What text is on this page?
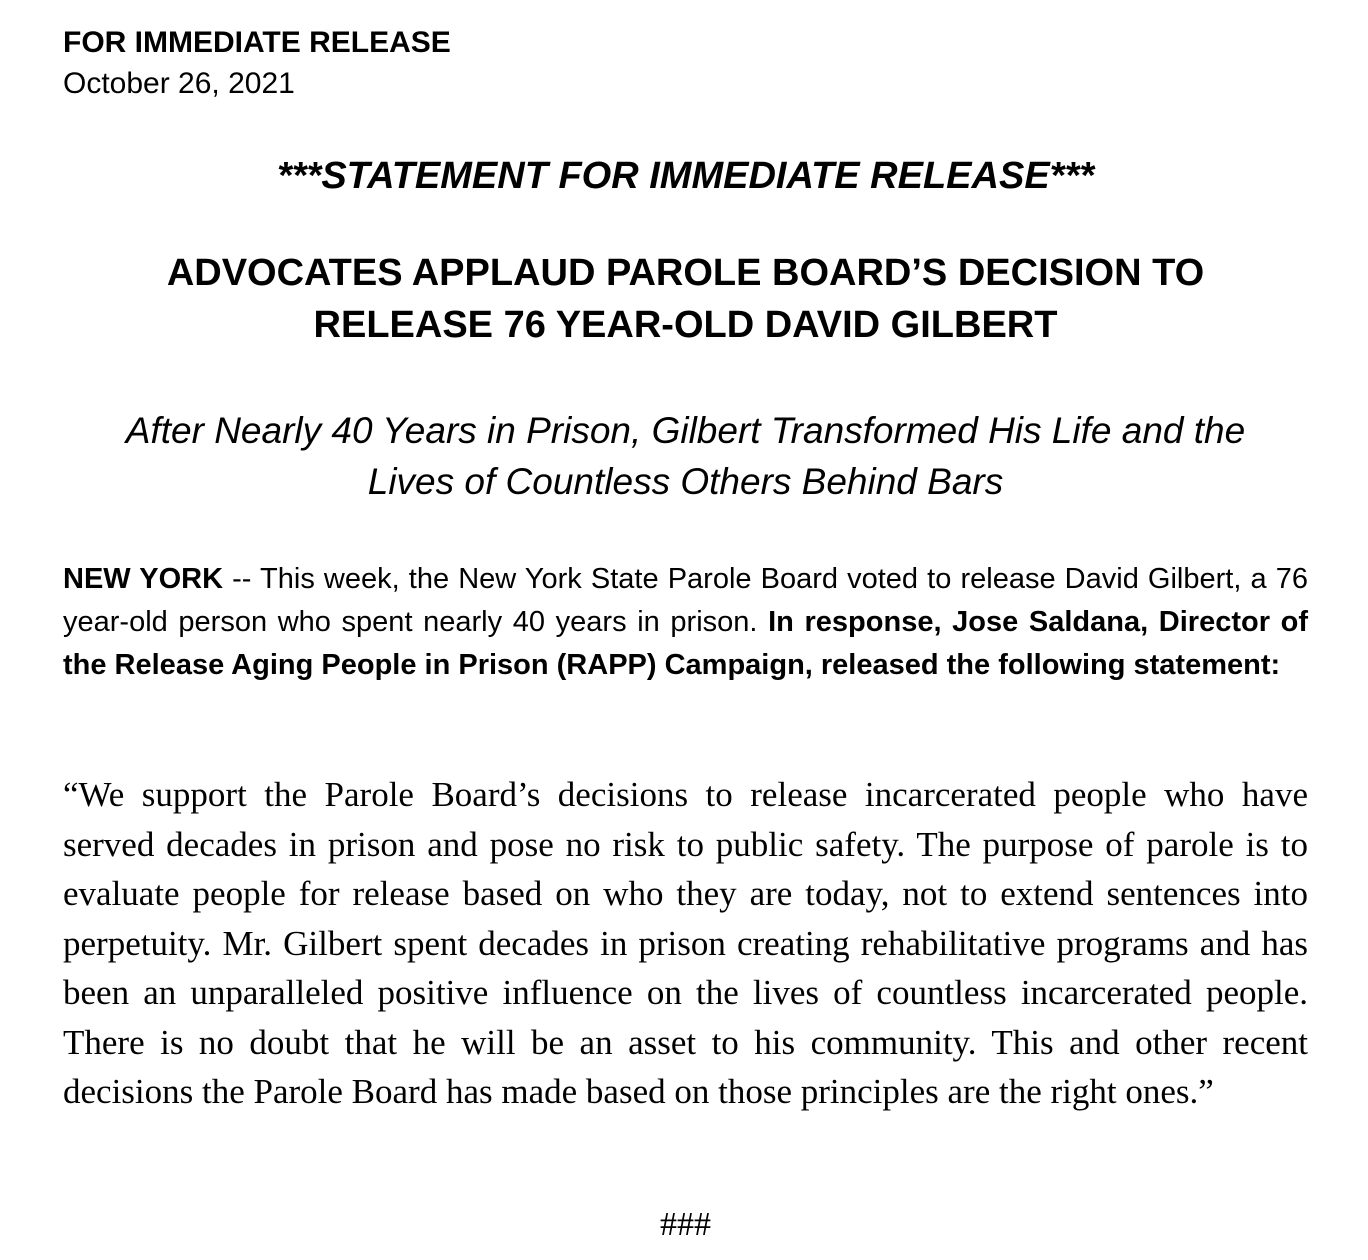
FOR IMMEDIATE RELEASE
October 26, 2021
***STATEMENT FOR IMMEDIATE RELEASE***
ADVOCATES APPLAUD PAROLE BOARD’S DECISION TO
RELEASE 76 YEAR-OLD DAVID GILBERT
After Nearly 40 Years in Prison, Gilbert Transformed His Life and the
Lives of Countless Others Behind Bars

NEW YORK -- This week, the New York State Parole Board voted to release David Gilbert, a 76 year-old person who spent nearly 40 years in prison. In response, Jose Saldana, Director of the Release Aging People in Prison (RAPP) Campaign, released the following statement:

“We support the Parole Board’s decisions to release incarcerated people who have served decades in prison and pose no risk to public safety. The purpose of parole is to evaluate people for release based on who they are today, not to extend sentences into perpetuity. Mr. Gilbert spent decades in prison creating rehabilitative programs and has been an unparalleled positive influence on the lives of countless incarcerated people. There is no doubt that he will be an asset to his community. This and other recent decisions the Parole Board has made based on those principles are the right ones.”

###
